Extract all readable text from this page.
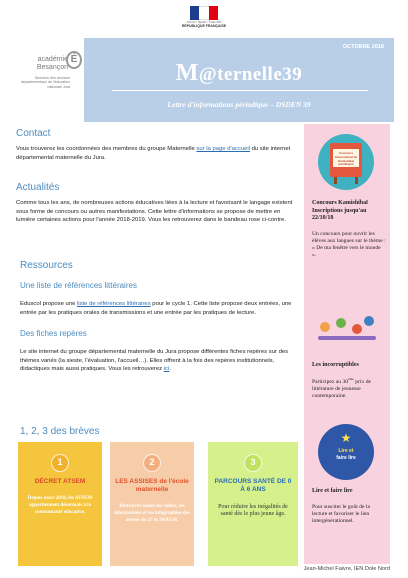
Liberté • Égalité • Fraternité
RÉPUBLIQUE FRANÇAISE
académie
Besançon
É
Direction des services départementaux de l'éducation nationale Jura
OCTOBRE 2018
M@ternelle39
Lettre d'informations périodique – DSDEN 39
Contact
Vous trouverez les coordonnées des membres du groupe Maternelle sur la page d'accueil du site internet départemental maternelle du Jura.
Actualités
Comme tous les ans, de nombreuses actions éducatives liées à la lecture et favorisant le langage existent sous forme de concours ou autres manifestations. Cette lettre d'informations se propose de mettre en lumière certaines actions pour l'année 2018-2019. Vous les retrouverez dans le bandeau rose ci-contre.
Ressources
Une liste de références littéraires
Eduscol propose une liste de références littéraires pour le cycle 1. Cette liste propose deux entrées, une entrée par les pratiques orales de transmissions et une entrée par les pratiques de lecture.
Des fiches repères
Le site internet du groupe départemental maternelle du Jura propose différentes fiches repères sur des thèmes variés (la sieste, l'évaluation, l'accueil…). Elles offrent à la fois des repères institutionnels, didactiques mais aussi pratiques. Vous les retrouverez ici.
1, 2, 3 des brèves
1
DÉCRET ATSEM
Depuis mars 2018, les ATSEM appartiennent désormais à la communauté éducative.
2
LES ASSISES de l'école maternelle
Retrouvez toutes les vidéos, les informations et les infographies des assises du 27 et 28/03/18.
3
PARCOURS SANTÉ DE 0 À 6 ANS
Pour réduire les inégalités de santé dès le plus jeune âge.
Concours international de Kamishibaï plurilingue
Concours Kamishibaï Inscriptions jusqu'au 22/10/18
Un concours pour ouvrir les élèves aux langues sur le thème : « De ma fenêtre vers le monde ».
Les incorruptibles
Participez au 30ème prix de littérature de jeunesse contemporaine.
★
Lire et
faire lire
Lire et faire lire
Pour susciter le goût de la lecture et favoriser le lien intergénérationnel.
Jean-Michel Faivre, IEN Dole Nord
